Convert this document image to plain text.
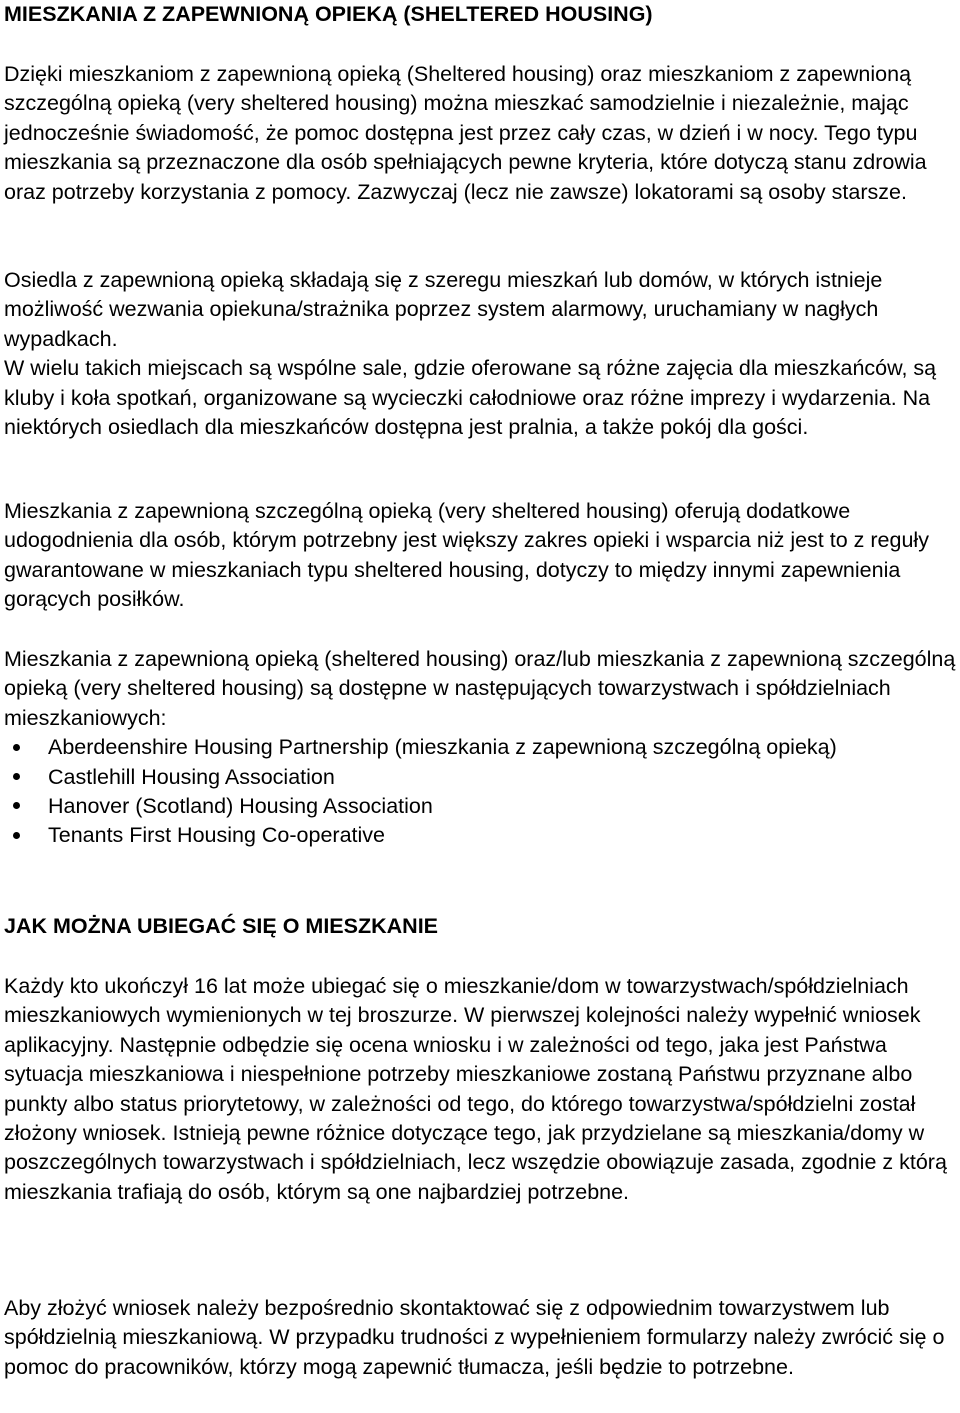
MIESZKANIA Z ZAPEWNIONĄ OPIEKĄ (SHELTERED HOUSING)

Dzięki mieszkaniom z zapewnioną opieką (Sheltered housing) oraz mieszkaniom z zapewnioną szczególną opieką (very sheltered housing) można mieszkać samodzielnie i niezależnie, mając jednocześnie świadomość, że pomoc dostępna jest przez cały czas, w dzień i w nocy. Tego typu mieszkania są przeznaczone dla osób spełniających pewne kryteria, które dotyczą stanu zdrowia oraz potrzeby korzystania z pomocy. Zazwyczaj (lecz nie zawsze) lokatorami są osoby starsze.

Osiedla z zapewnioną opieką składają się z szeregu mieszkań lub domów, w których istnieje możliwość wezwania opiekuna/strażnika poprzez system alarmowy, uruchamiany w nagłych wypadkach.

W wielu takich miejscach są wspólne sale, gdzie oferowane są różne zajęcia dla mieszkańców, są kluby i koła spotkań, organizowane są wycieczki całodniowe oraz różne imprezy i wydarzenia. Na niektórych osiedlach dla mieszkańców dostępna jest pralnia, a także pokój dla gości.

Mieszkania z zapewnioną szczególną opieką (very sheltered housing) oferują dodatkowe udogodnienia dla osób, którym potrzebny jest większy zakres opieki i wsparcia niż jest to z reguły gwarantowane w mieszkaniach typu sheltered housing, dotyczy to między innymi zapewnienia gorących posiłków.

Mieszkania z zapewnioną opieką (sheltered housing) oraz/lub mieszkania z zapewnioną szczególną opieką (very sheltered housing) są dostępne w następujących towarzystwach i spółdzielniach mieszkaniowych:

Aberdeenshire Housing Partnership (mieszkania z zapewnioną szczególną opieką)
Castlehill Housing Association
Hanover (Scotland) Housing Association
Tenants First Housing Co-operative
JAK MOŻNA UBIEGAĆ SIĘ O MIESZKANIE

Każdy kto ukończył 16 lat może ubiegać się o mieszkanie/dom w towarzystwach/spółdzielniach mieszkaniowych wymienionych w tej broszurze. W pierwszej kolejności należy wypełnić wniosek aplikacyjny. Następnie odbędzie się ocena wniosku i w zależności od tego, jaka jest Państwa sytuacja mieszkaniowa i niespełnione potrzeby mieszkaniowe zostaną Państwu przyznane albo punkty albo status priorytetowy, w zależności od tego, do którego towarzystwa/spółdzielni został złożony wniosek. Istnieją pewne różnice dotyczące tego, jak przydzielane są mieszkania/domy w poszczególnych towarzystwach i spółdzielniach, lecz wszędzie obowiązuje zasada, zgodnie z którą mieszkania trafiają do osób, którym są one najbardziej potrzebne.

Aby złożyć wniosek należy bezpośrednio skontaktować się z odpowiednim towarzystwem lub spółdzielnią mieszkaniową. W przypadku trudności z wypełnieniem formularzy należy zwrócić się o pomoc do pracowników, którzy mogą zapewnić tłumacza, jeśli będzie to potrzebne.
